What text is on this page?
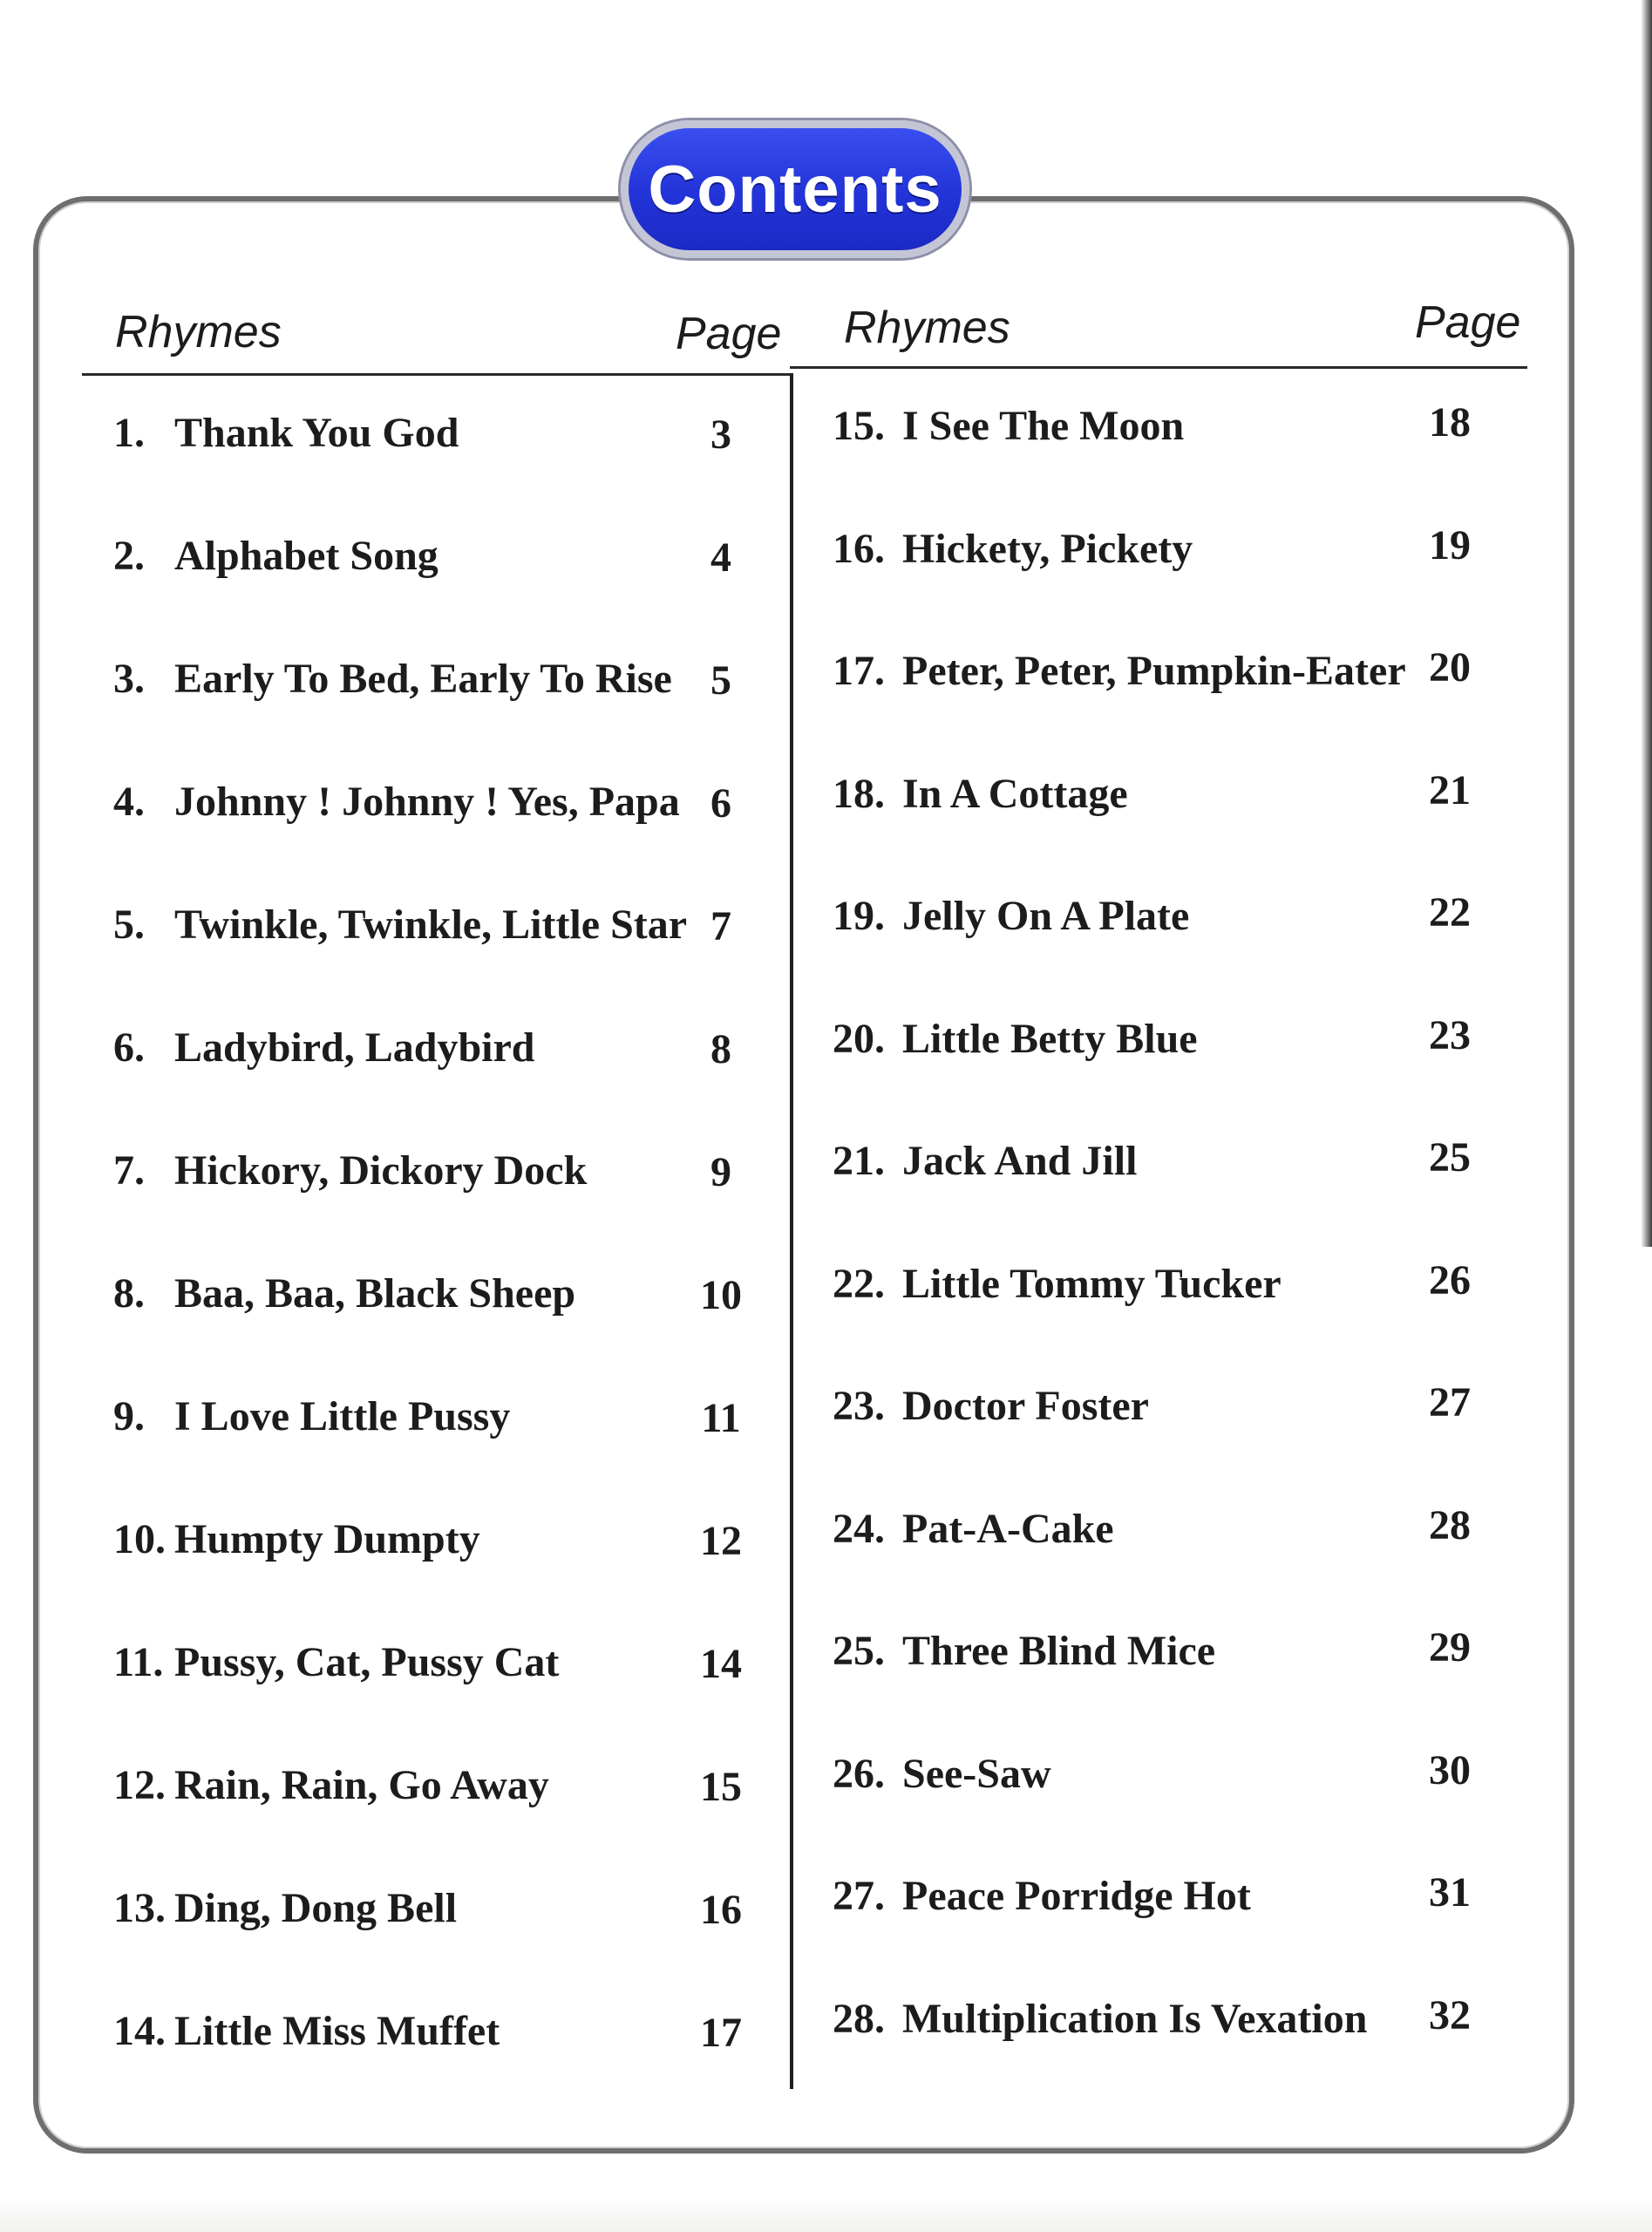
Contents
Rhymes	Page Rhymes	Page
1. Thank You God	3
2. Alphabet Song	4
3. Early To Bed, Early To Rise 5
4. Johnny ! Johnny ! Yes, Papa 6
5. Twinkle, Twinkle, Little Star 7
6. Ladybird, Ladybird	8
7. Hickory, Dickory Dock	9
8. Baa, Baa, Black Sheep	10
9. I Love Little Pussy	11
10. Humpty Dumpty	12
11. Pussy, Cat, Pussy Cat	14
12. Rain, Rain, Go Away	15
13. Ding, Dong Bell	16
14. Little Miss Muffet	17
15. I See The Moon	18
16. Hickety, Pickety	19
17. Peter, Peter, Pumpkin-Eater 20
18. In A Cottage	21
19. Jelly On A Plate	22
20. Little Betty Blue	23
21. Jack And Jill	25
22. Little Tommy Tucker	26
23. Doctor Foster	27
24. Pat-A-Cake	28
25. Three Blind Mice	29
26. See-Saw	30
27. Peace Porridge Hot	31
28. Multiplication Is Vexation	32
